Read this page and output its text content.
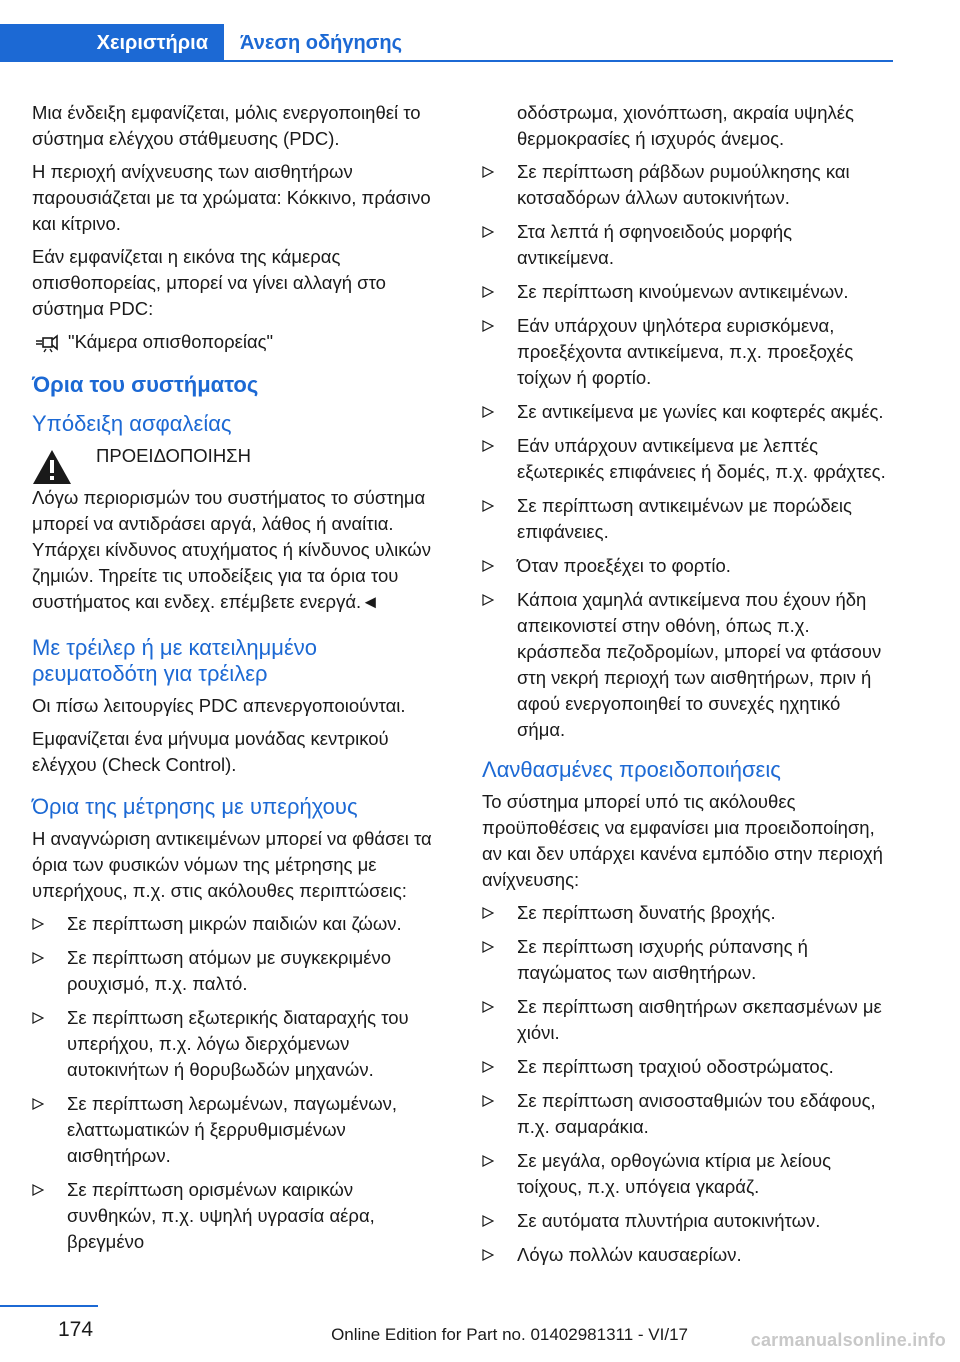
Χειριστήρια	Άνεση οδήγησης
Μια ένδειξη εμφανίζεται, μόλις ενεργοποιηθεί το σύστημα ελέγχου στάθμευσης (PDC).
Η περιοχή ανίχνευσης των αισθητήρων παρουσιάζεται με τα χρώματα: Κόκκινο, πράσινο και κίτρινο.
Εάν εμφανίζεται η εικόνα της κάμερας οπισθοπορείας, μπορεί να γίνει αλλαγή στο σύστημα PDC:
"Κάμερα οπισθοπορείας"
Όρια του συστήματος
Υπόδειξη ασφαλείας
ΠΡΟΕΙΔΟΠΟΙΗΣΗ
Λόγω περιορισμών του συστήματος το σύστημα μπορεί να αντιδράσει αργά, λάθος ή αναίτια. Υπάρχει κίνδυνος ατυχήματος ή κίνδυνος υλικών ζημιών. Τηρείτε τις υποδείξεις για τα όρια του συστήματος και ενδεχ. επέμβετε ενεργά.◄
Με τρέιλερ ή με κατειλημμένο ρευματοδότη για τρέιλερ
Οι πίσω λειτουργίες PDC απενεργοποιούνται.
Εμφανίζεται ένα μήνυμα μονάδας κεντρικού ελέγχου (Check Control).
Όρια της μέτρησης με υπερήχους
Η αναγνώριση αντικειμένων μπορεί να φθάσει τα όρια των φυσικών νόμων της μέτρησης με υπερήχους, π.χ. στις ακόλουθες περιπτώσεις:
Σε περίπτωση μικρών παιδιών και ζώων.
Σε περίπτωση ατόμων με συγκεκριμένο ρουχισμό, π.χ. παλτό.
Σε περίπτωση εξωτερικής διαταραχής του υπερήχου, π.χ. λόγω διερχόμενων αυτοκινήτων ή θορυβωδών μηχανών.
Σε περίπτωση λερωμένων, παγωμένων, ελαττωματικών ή ξερρυθμισμένων αισθητήρων.
Σε περίπτωση ορισμένων καιρικών συνθηκών, π.χ. υψηλή υγρασία αέρα, βρεγμένο
οδόστρωμα, χιονόπτωση, ακραία υψηλές θερμοκρασίες ή ισχυρός άνεμος.
Σε περίπτωση ράβδων ρυμούλκησης και κοτσαδόρων άλλων αυτοκινήτων.
Στα λεπτά ή σφηνοειδούς μορφής αντικείμενα.
Σε περίπτωση κινούμενων αντικειμένων.
Εάν υπάρχουν ψηλότερα ευρισκόμενα, προεξέχοντα αντικείμενα, π.χ. προεξοχές τοίχων ή φορτίο.
Σε αντικείμενα με γωνίες και κοφτερές ακμές.
Εάν υπάρχουν αντικείμενα με λεπτές εξωτερικές επιφάνειες ή δομές, π.χ. φράχτες.
Σε περίπτωση αντικειμένων με πορώδεις επιφάνειες.
Όταν προεξέχει το φορτίο.
Κάποια χαμηλά αντικείμενα που έχουν ήδη απεικονιστεί στην οθόνη, όπως π.χ. κράσπεδα πεζοδρομίων, μπορεί να φτάσουν στη νεκρή περιοχή των αισθητήρων, πριν ή αφού ενεργοποιηθεί το συνεχές ηχητικό σήμα.
Λανθασμένες προειδοποιήσεις
Το σύστημα μπορεί υπό τις ακόλουθες προϋποθέσεις να εμφανίσει μια προειδοποίηση, αν και δεν υπάρχει κανένα εμπόδιο στην περιοχή ανίχνευσης:
Σε περίπτωση δυνατής βροχής.
Σε περίπτωση ισχυρής ρύπανσης ή παγώματος των αισθητήρων.
Σε περίπτωση αισθητήρων σκεπασμένων με χιόνι.
Σε περίπτωση τραχιού οδοστρώματος.
Σε περίπτωση ανισοσταθμιών του εδάφους, π.χ. σαμαράκια.
Σε μεγάλα, ορθογώνια κτίρια με λείους τοίχους, π.χ. υπόγεια γκαράζ.
Σε αυτόματα πλυντήρια αυτοκινήτων.
Λόγω πολλών καυσαερίων.
174	Online Edition for Part no. 01402981311 - VI/17	carmanualsonline.info
